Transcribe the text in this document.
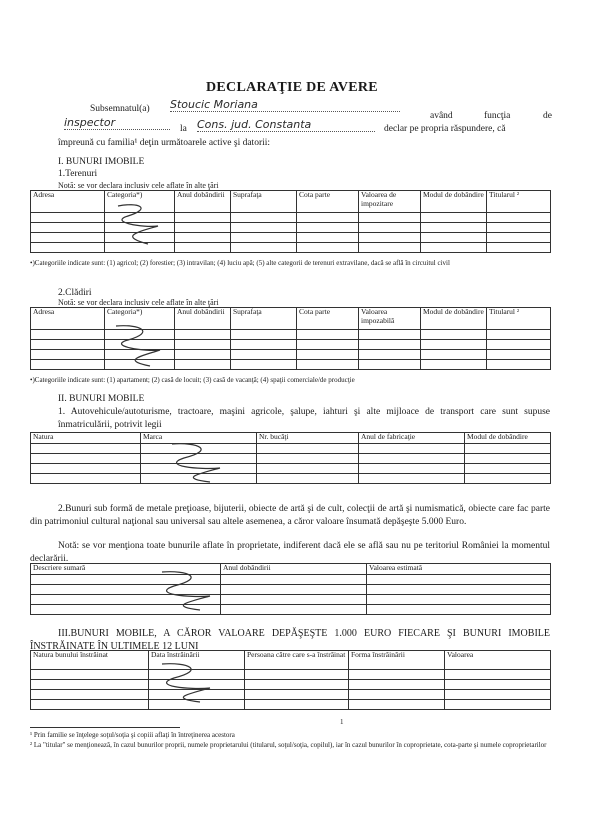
DECLARAŢIE DE AVERE
Subsemnatul(a) Stoucic Moriana
având	funcţia	de
inspector	la Cons. jud. Constanta	declar pe propria răspundere, că
împreună cu familia¹ deţin următoarele active şi datorii:
I. BUNURI IMOBILE
1.Terenuri
Notă: se vor declara inclusiv cele aflate în alte ţări
Adresa	Categoria*)	Anul dobândirii	Suprafaţa	Cota parte	Valoarea de impozitare	Modul de dobândire	Titularul ²

•)Categoriile indicate sunt: (1) agricol; (2) forestier; (3) intravilan; (4) luciu apă; (5) alte categorii de terenuri extravilane, dacă se află în circuitul civil
2.Clădiri
Notă: se vor declara inclusiv cele aflate în alte ţări
Adresa	Categoria*)	Anul dobândirii	Suprafaţa	Cota parte	Valoarea impozabilă	Modul de dobândire	Titularul ²

•)Categoriile indicate sunt: (1) apartament; (2) casă de locuit; (3) casă de vacanţă; (4) spaţii comerciale/de producţie
II. BUNURI MOBILE
1. Autovehicule/autoturisme, tractoare, maşini agricole, şalupe, iahturi şi alte mijloace de transport care sunt supuse înmatriculării, potrivit legii
Natura	Marca	Nr. bucăţi	Anul de fabricaţie	Modul de dobândire

2.Bunuri sub formă de metale preţioase, bijuterii, obiecte de artă şi de cult, colecţii de artă şi numismatică, obiecte care fac parte din patrimoniul cultural naţional sau universal sau altele asemenea, a căror valoare însumată depăşeşte 5.000 Euro.
Notă: se vor menţiona toate bunurile aflate în proprietate, indiferent dacă ele se află sau nu pe teritoriul României la momentul declarării.
Descriere sumară	Anul dobândirii	Valoarea estimată

III.BUNURI MOBILE, A CĂROR VALOARE DEPĂŞEŞTE 1.000 EURO FIECARE ŞI BUNURI IMOBILE ÎNSTRĂINATE ÎN ULTIMELE 12 LUNI
Natura bunului înstrăinat	Data înstrăinării	Persoana către care s-a înstrăinat	Forma înstrăinării	Valoarea

1
¹ Prin familie se înţelege soţul/soţia şi copiii aflaţi în întreţinerea acestora
² La "titular" se menţionează, în cazul bunurilor proprii, numele proprietarului (titularul, soţul/soţia, copilul), iar în cazul bunurilor în coproprietate, cota-parte şi numele coproprietarilor
